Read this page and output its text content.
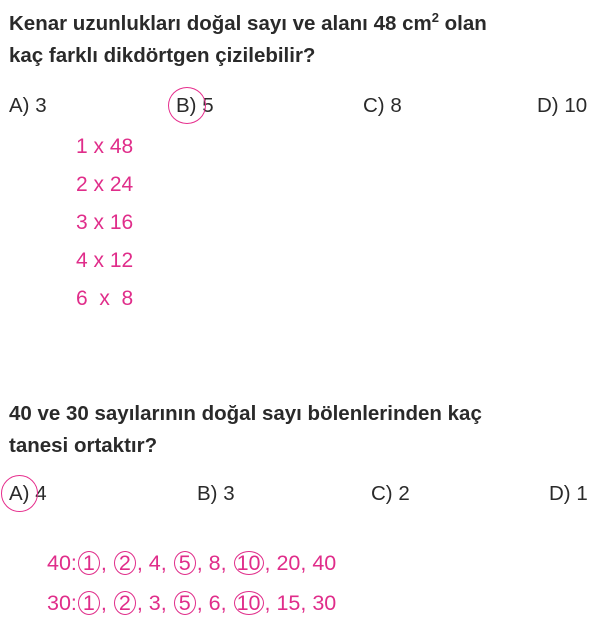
Kenar uzunlukları doğal sayı ve alanı 48 $cm^2$ olan
kaç farklı dikdörtgen çizilebilir?
A) 3	B) 5	C) 8	D) 10
1 x 48
2 x 24
3 x 16
4 x 12
6  x  8
40 ve 30 sayılarının doğal sayı bölenlerinden kaç
tanesi ortaktır?
A) 4	B) 3	C) 2	D) 1
40: 1 , 2 , 4, 5 , 8, 10 , 20, 40
30: 1 , 2 , 3, 5 , 6, 10 , 15, 30
